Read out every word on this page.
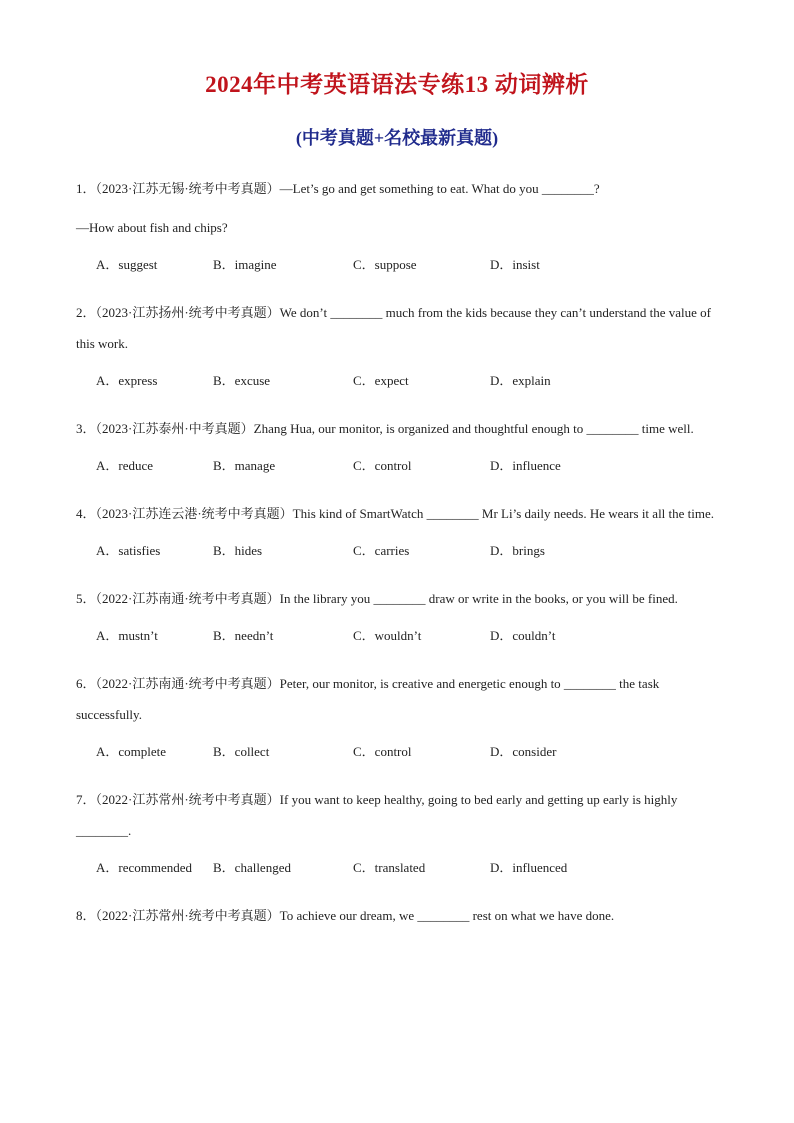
2024年中考英语语法专练13 动词辨析
(中考真题+名校最新真题)

1．（2023·江苏无锡·统考中考真题）—Let’s go and get something to eat. What do you ________?

—How about fish and chips?

A．suggest	B．imagine	C．suppose	D．insist

2．（2023·江苏扬州·统考中考真题）We don’t ________ much from the kids because they can’t understand the value of this work.

A．express	B．excuse	C．expect	D．explain

3．（2023·江苏泰州·中考真题）Zhang Hua, our monitor, is organized and thoughtful enough to ________ time well.

A．reduce	B．manage	C．control	D．influence

4．（2023·江苏连云港·统考中考真题）This kind of SmartWatch ________ Mr Li’s daily needs. He wears it all the time.

A．satisfies	B．hides	C．carries	D．brings

5．（2022·江苏南通·统考中考真题）In the library you ________ draw or write in the books, or you will be fined.

A．mustn’t	B．needn’t	C．wouldn’t	D．couldn’t

6．（2022·江苏南通·统考中考真题）Peter, our monitor, is creative and energetic enough to ________ the task successfully.

A．complete	B．collect	C．control	D．consider

7．（2022·江苏常州·统考中考真题）If you want to keep healthy, going to bed early and getting up early is highly ________.

A．recommended B．challenged	C．translated	D．influenced

8．（2022·江苏常州·统考中考真题）To achieve our dream, we ________ rest on what we have done.
